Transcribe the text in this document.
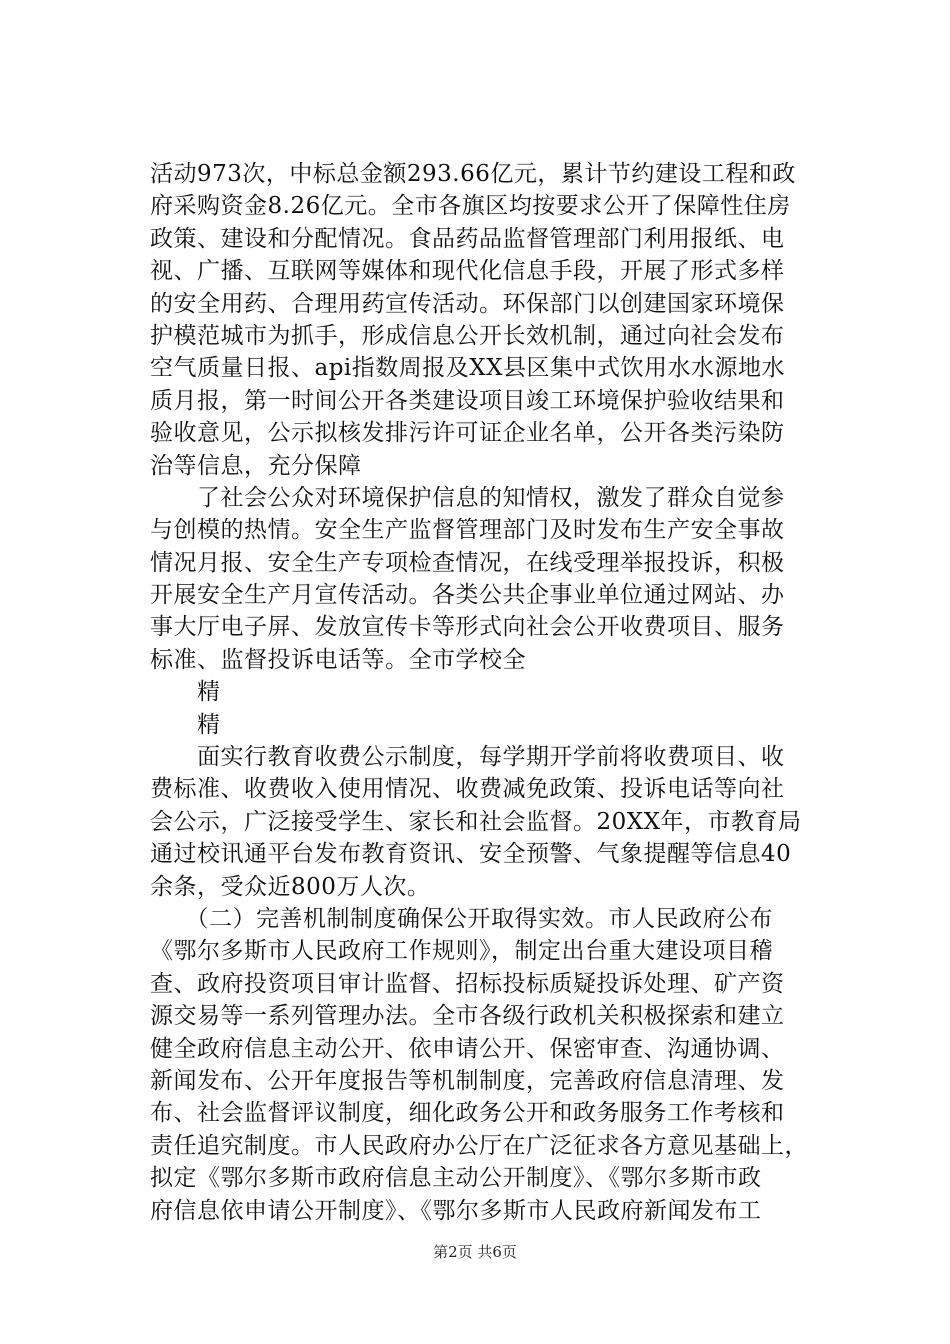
活动973次，中标总金额293.66亿元，累计节约建设工程和政
府采购资金8.26亿元。全市各旗区均按要求公开了保障性住房
政策、建设和分配情况。食品药品监督管理部门利用报纸、电
视、广播、互联网等媒体和现代化信息手段，开展了形式多样
的安全用药、合理用药宣传活动。环保部门以创建国家环境保
护模范城市为抓手，形成信息公开长效机制，通过向社会发布
空气质量日报、api指数周报及XX县区集中式饮用水水源地水
质月报，第一时间公开各类建设项目竣工环境保护验收结果和
验收意见，公示拟核发排污许可证企业名单，公开各类污染防
治等信息，充分保障
　　了社会公众对环境保护信息的知情权，激发了群众自觉参
与创模的热情。安全生产监督管理部门及时发布生产安全事故
情况月报、安全生产专项检查情况，在线受理举报投诉，积极
开展安全生产月宣传活动。各类公共企事业单位通过网站、办
事大厅电子屏、发放宣传卡等形式向社会公开收费项目、服务
标准、监督投诉电话等。全市学校全
　　精
　　精
　　面实行教育收费公示制度，每学期开学前将收费项目、收
费标准、收费收入使用情况、收费减免政策、投诉电话等向社
会公示，广泛接受学生、家长和社会监督。20XX年，市教育局
通过校讯通平台发布教育资讯、安全预警、气象提醒等信息40
余条，受众近800万人次。
　　（二）完善机制制度确保公开取得实效。市人民政府公布
《鄂尔多斯市人民政府工作规则》，制定出台重大建设项目稽
查、政府投资项目审计监督、招标投标质疑投诉处理、矿产资
源交易等一系列管理办法。全市各级行政机关积极探索和建立
健全政府信息主动公开、依申请公开、保密审查、沟通协调、
新闻发布、公开年度报告等机制制度，完善政府信息清理、发
布、社会监督评议制度，细化政务公开和政务服务工作考核和
责任追究制度。市人民政府办公厅在广泛征求各方意见基础上，
拟定《鄂尔多斯市政府信息主动公开制度》、《鄂尔多斯市政
府信息依申请公开制度》、《鄂尔多斯市人民政府新闻发布工
第2页 共6页
